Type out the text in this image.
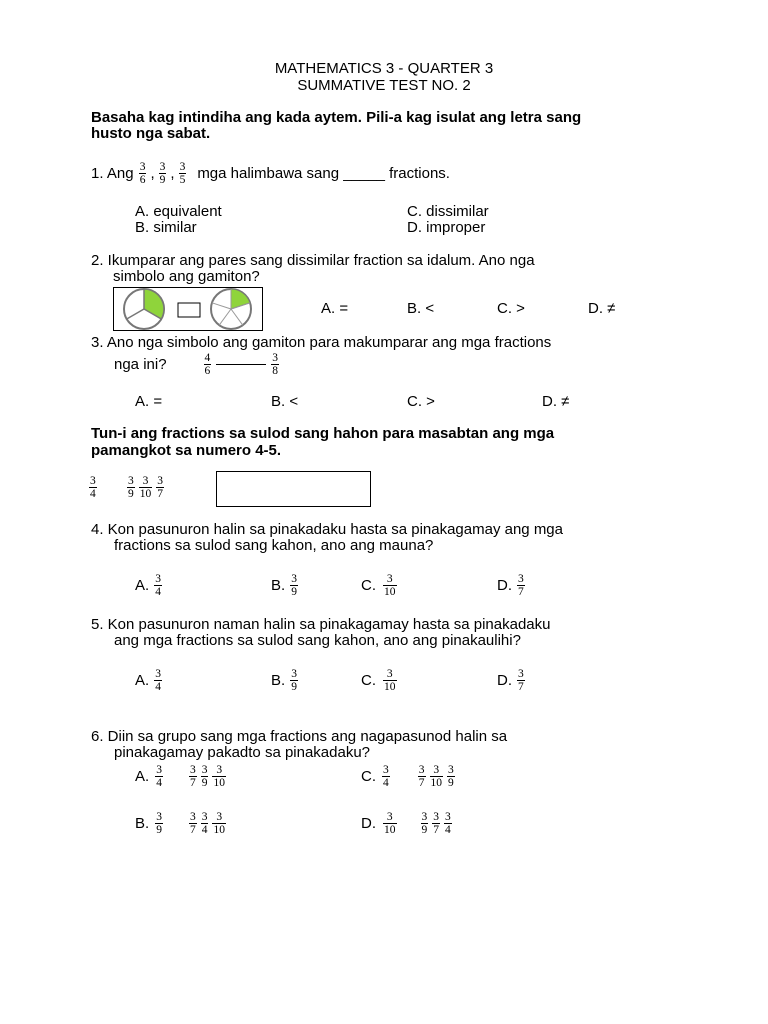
MATHEMATICS 3 - QUARTER 3
SUMMATIVE TEST NO. 2
Basaha kag intindiha ang kada aytem. Pili-a kag isulat ang letra sang
husto nga sabat.
1. Ang
$\frac{3}{6}$ , $\frac{3}{9}$ , $\frac{3}{5}$ mga halimbawa sang _____ fractions.
A. equivalent
B. similar
C. dissimilar
D. improper
2. Ikumparar ang pares sang dissimilar fraction sa idalum. Ano nga
simbolo ang gamiton?
A. =	B. <	C. >	D. ≠
3. Ano nga simbolo ang gamiton para makumparar ang mga fractions
nga ini?	$\frac{4}{6}$	$\frac{3}{8}$
A. =	B. <	C. >	D. ≠
Tun-i ang fractions sa sulod sang hahon para masabtan ang mga
pamangkot sa numero 4-5.
$\frac{3}{4}$	$\frac{3}{9} \frac{3}{10} \frac{3}{7}$
4. Kon pasunuron halin sa pinakadaku hasta sa pinakagamay ang mga
fractions sa sulod sang kahon, ano ang mauna?
A. $\frac{3}{4}$	B. $\frac{3}{9}$	C. $\frac{3}{10}$	D. $\frac{3}{7}$
5. Kon pasunuron naman halin sa pinakagamay hasta sa pinakadaku
ang mga fractions sa sulod sang kahon, ano ang pinakaulihi?
A. $\frac{3}{4}$	B. $\frac{3}{9}$	C. $\frac{3}{10}$	D. $\frac{3}{7}$
6. Diin sa grupo sang mga fractions ang nagapasunod halin sa
pinakagamay pakadto sa pinakadaku?
A. $\frac{3}{4} \frac{3}{7} \frac{3}{9} \frac{3}{10}$	C. $\frac{3}{4} \frac{3}{7} \frac{3}{10} \frac{3}{9}$
B. $\frac{3}{9} \frac{3}{7} \frac{3}{4} \frac{3}{10}$	D. $\frac{3}{10} \frac{3}{9} \frac{3}{7} \frac{3}{4}$
